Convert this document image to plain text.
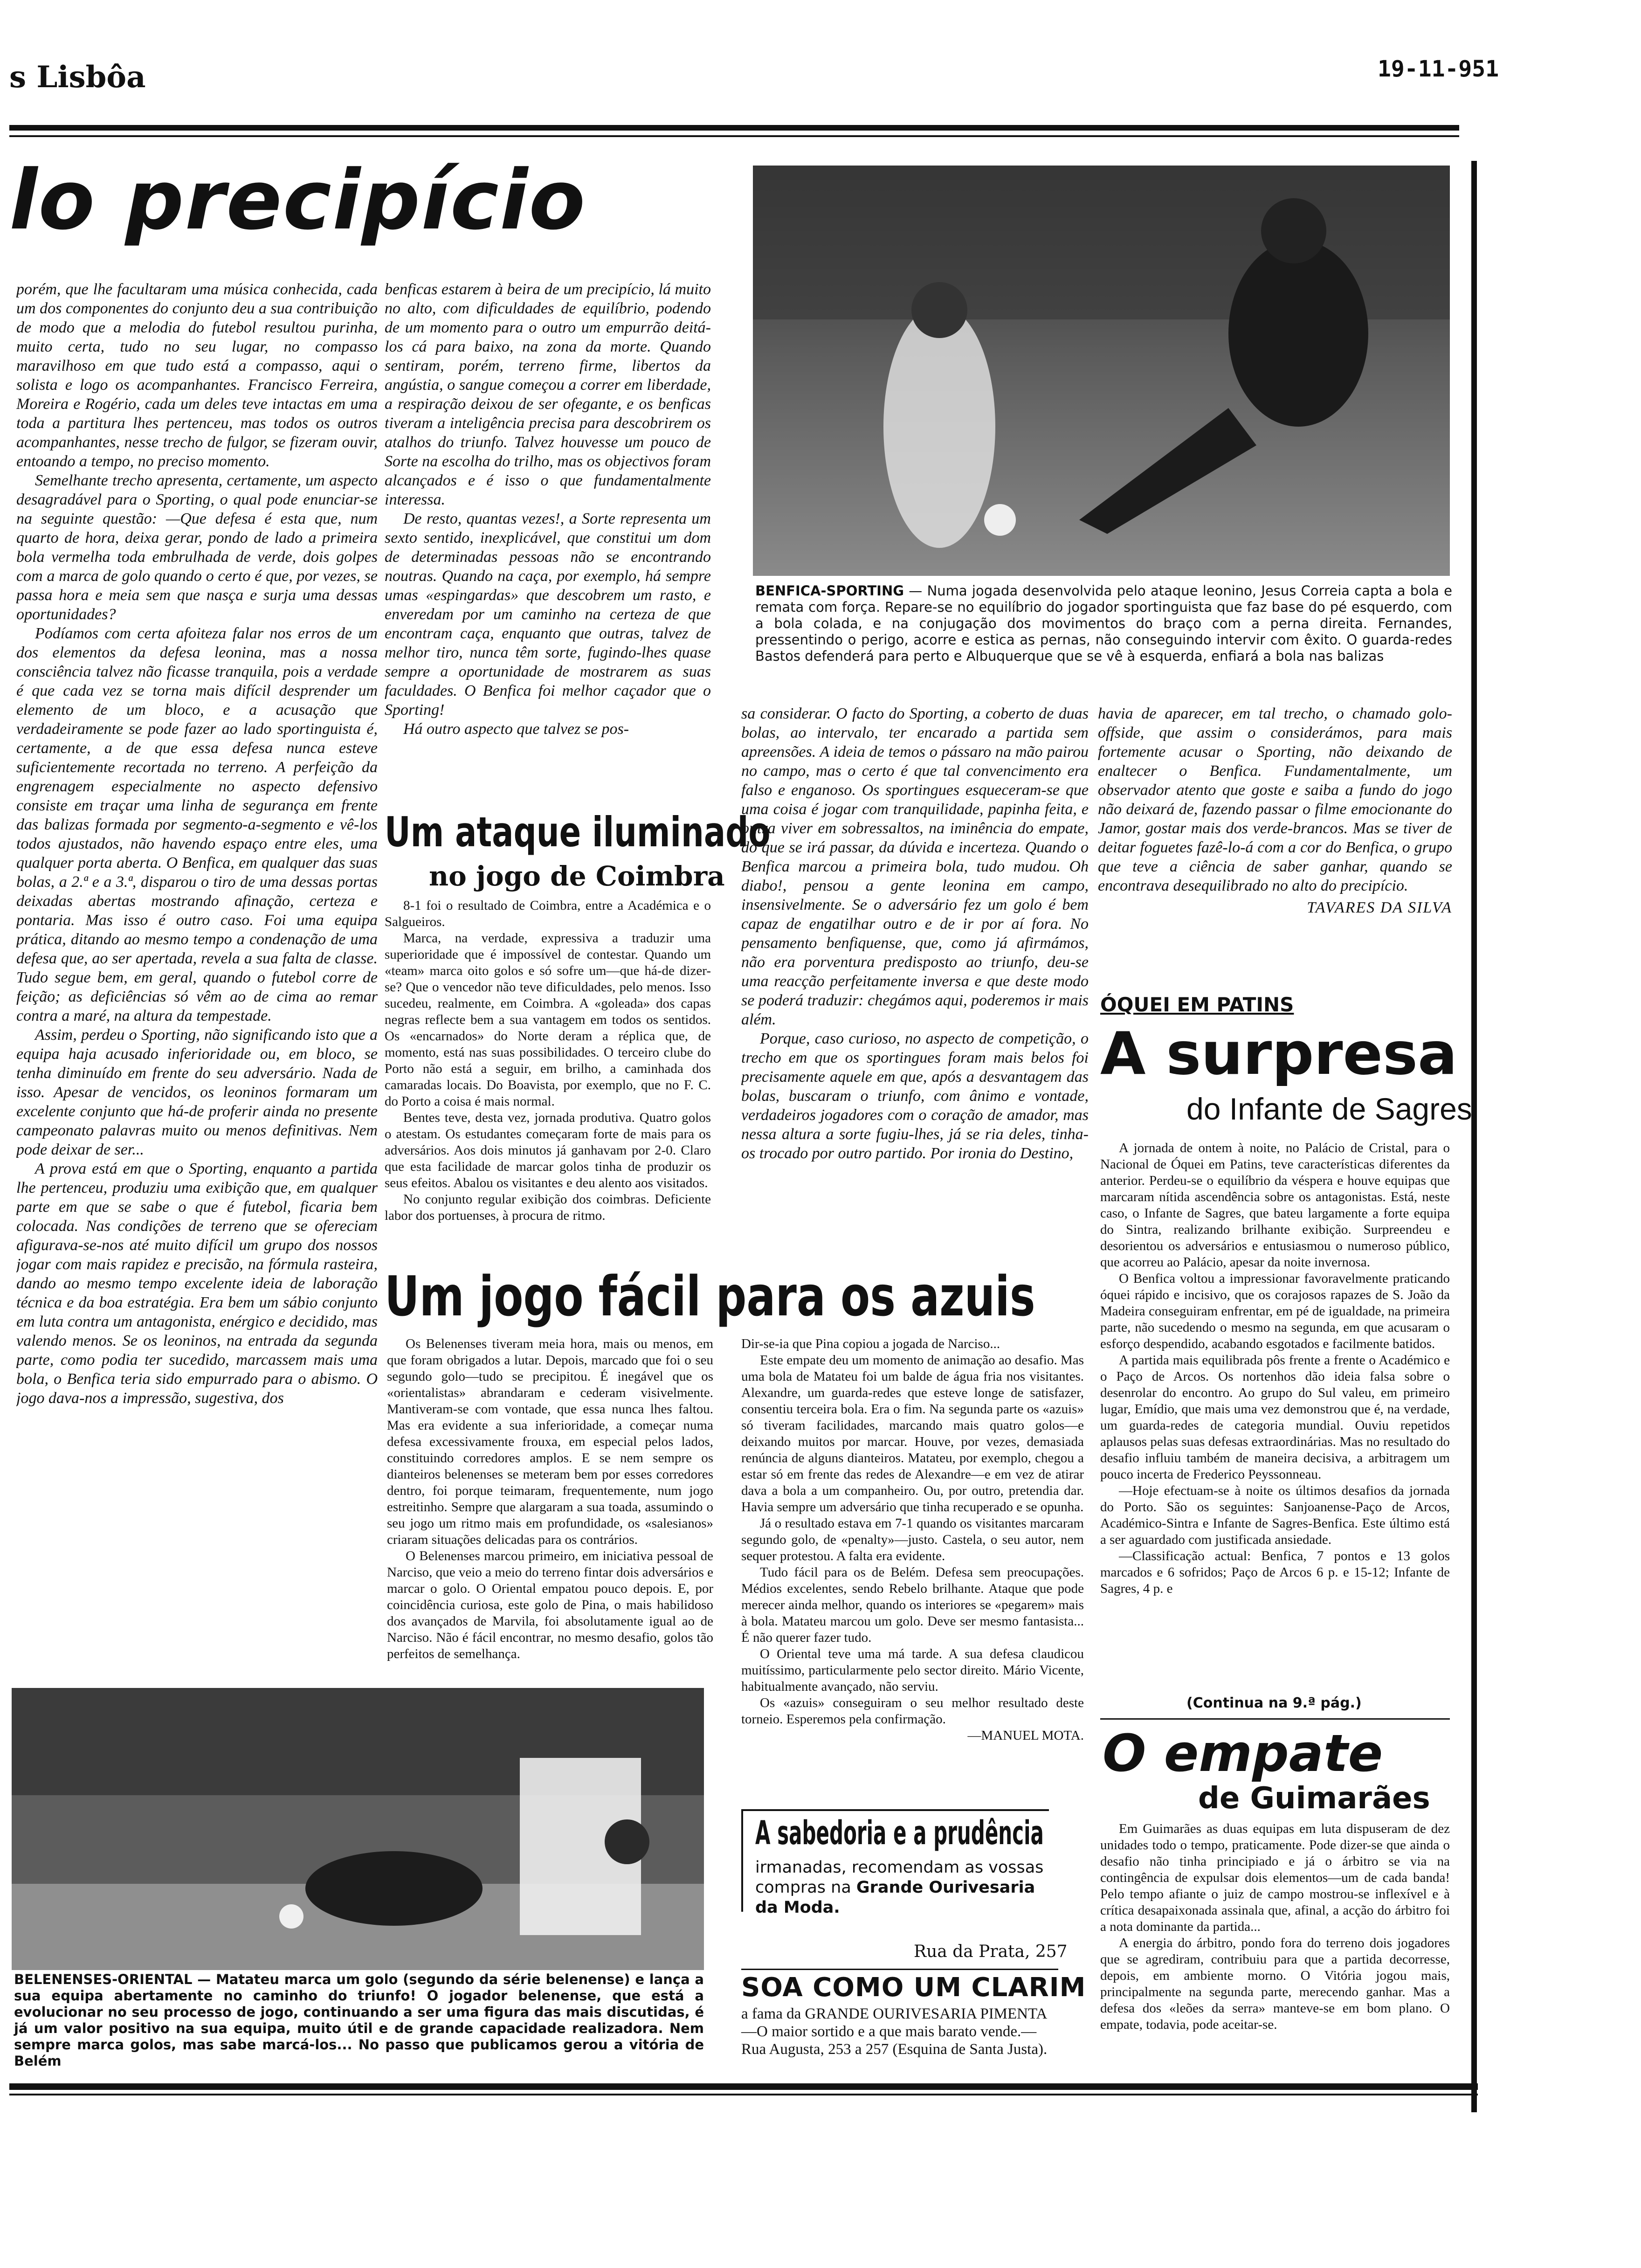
s Lisbôa	19-11-951
lo precipício

porém, que lhe facultaram uma música conhecida, cada um dos componentes do conjunto deu a sua contribuição de modo que a melodia do futebol resultou purinha, muito certa, tudo no seu lugar, no compasso maravilhoso em que tudo está a compasso, aqui o solista e logo os acompanhantes. Francisco Ferreira, Moreira e Rogério, cada um deles teve intactas em uma toda a partitura lhes pertenceu, mas todos os outros acompanhantes, nesse trecho de fulgor, se fizeram ouvir, entoando a tempo, no preciso momento.

Semelhante trecho apresenta, certamente, um aspecto desagradável para o Sporting, o qual pode enunciar-se na seguinte questão: —Que defesa é esta que, num quarto de hora, deixa gerar, pondo de lado a primeira bola vermelha toda embrulhada de verde, dois golpes com a marca de golo quando o certo é que, por vezes, se passa hora e meia sem que nasça e surja uma dessas oportunidades?

Podíamos com certa afoiteza falar nos erros de um dos elementos da defesa leonina, mas a nossa consciência talvez não ficasse tranquila, pois a verdade é que cada vez se torna mais difícil desprender um elemento de um bloco, e a acusação que verdadeiramente se pode fazer ao lado sportinguista é, certamente, a de que essa defesa nunca esteve suficientemente recortada no terreno. A perfeição da engrenagem especialmente no aspecto defensivo consiste em traçar uma linha de segurança em frente das balizas formada por segmento-a-segmento e vê-los todos ajustados, não havendo espaço entre eles, uma qualquer porta aberta. O Benfica, em qualquer das suas bolas, a 2.ª e a 3.ª, disparou o tiro de uma dessas portas deixadas abertas mostrando afinação, certeza e pontaria. Mas isso é outro caso. Foi uma equipa prática, ditando ao mesmo tempo a condenação de uma defesa que, ao ser apertada, revela a sua falta de classe. Tudo segue bem, em geral, quando o futebol corre de feição; as deficiências só vêm ao de cima ao remar contra a maré, na altura da tempestade.

Assim, perdeu o Sporting, não significando isto que a equipa haja acusado inferioridade ou, em bloco, se tenha diminuído em frente do seu adversário. Nada de isso. Apesar de vencidos, os leoninos formaram um excelente conjunto que há-de proferir ainda no presente campeonato palavras muito ou menos definitivas. Nem pode deixar de ser...

A prova está em que o Sporting, enquanto a partida lhe pertenceu, produziu uma exibição que, em qualquer parte em que se sabe o que é futebol, ficaria bem colocada. Nas condições de terreno que se ofereciam afigurava-se-nos até muito difícil um grupo dos nossos jogar com mais rapidez e precisão, na fórmula rasteira, dando ao mesmo tempo excelente ideia de laboração técnica e da boa estratégia. Era bem um sábio conjunto em luta contra um antagonista, enérgico e decidido, mas valendo menos. Se os leoninos, na entrada da segunda parte, como podia ter sucedido, marcassem mais uma bola, o Benfica teria sido empurrado para o abismo. O jogo dava-nos a impressão, sugestiva, dos

benficas estarem à beira de um precipício, lá muito no alto, com dificuldades de equilíbrio, podendo de um momento para o outro um empurrão deitá-los cá para baixo, na zona da morte. Quando sentiram, porém, terreno firme, libertos da angústia, o sangue começou a correr em liberdade, a respiração deixou de ser ofegante, e os benficas tiveram a inteligência precisa para descobrirem os atalhos do triunfo. Talvez houvesse um pouco de Sorte na escolha do trilho, mas os objectivos foram alcançados e é isso o que fundamentalmente interessa.

De resto, quantas vezes!, a Sorte representa um sexto sentido, inexplicável, que constitui um dom de determinadas pessoas não se encontrando noutras. Quando na caça, por exemplo, há sempre umas «espingardas» que descobrem um rasto, e enveredam por um caminho na certeza de que encontram caça, enquanto que outras, talvez de melhor tiro, nunca têm sorte, fugindo-lhes quase sempre a oportunidade de mostrarem as suas faculdades. O Benfica foi melhor caçador que o Sporting!

Há outro aspecto que talvez se pos-

BENFICA-SPORTING — Numa jogada desenvolvida pelo ataque leonino, Jesus Correia capta a bola e remata com força. Repare-se no equilíbrio do jogador sportinguista que faz base do pé esquerdo, com a bola colada, e na conjugação dos movimentos do braço com a perna direita. Fernandes, pressentindo o perigo, acorre e estica as pernas, não conseguindo intervir com êxito. O guarda-redes Bastos defenderá para perto e Albuquerque que se vê à esquerda, enfiará a bola nas balizas

sa considerar. O facto do Sporting, a coberto de duas bolas, ao intervalo, ter encarado a partida sem apreensões. A ideia de temos o pássaro na mão pairou no campo, mas o certo é que tal convencimento era falso e enganoso. Os sportingues esqueceram-se que uma coisa é jogar com tranquilidade, papinha feita, e outra viver em sobressaltos, na iminência do empate, do que se irá passar, da dúvida e incerteza. Quando o Benfica marcou a primeira bola, tudo mudou. Oh diabo!, pensou a gente leonina em campo, insensivelmente. Se o adversário fez um golo é bem capaz de engatilhar outro e de ir por aí fora. No pensamento benfiquense, que, como já afirmámos, não era porventura predisposto ao triunfo, deu-se uma reacção perfeitamente inversa e que deste modo se poderá traduzir: chegámos aqui, poderemos ir mais além.

Porque, caso curioso, no aspecto de competição, o trecho em que os sportingues foram mais belos foi precisamente aquele em que, após a desvantagem das bolas, buscaram o triunfo, com ânimo e vontade, verdadeiros jogadores com o coração de amador, mas nessa altura a sorte fugiu-lhes, já se ria deles, tinha-os trocado por outro partido. Por ironia do Destino,

havia de aparecer, em tal trecho, o chamado golo-offside, que assim o considerámos, para mais fortemente acusar o Sporting, não deixando de enaltecer o Benfica. Fundamentalmente, um observador atento que goste e saiba a fundo do jogo não deixará de, fazendo passar o filme emocionante do Jamor, gostar mais dos verde-brancos. Mas se tiver de deitar foguetes fazê-lo-á com a cor do Benfica, o grupo que teve a ciência de saber ganhar, quando se encontrava desequilibrado no alto do precipício.

TAVARES DA SILVA
Um ataque iluminado
no jogo de Coimbra

8-1 foi o resultado de Coimbra, entre a Académica e o Salgueiros.

Marca, na verdade, expressiva a traduzir uma superioridade que é impossível de contestar. Quando um «team» marca oito golos e só sofre um—que há-de dizer-se? Que o vencedor não teve dificuldades, pelo menos. Isso sucedeu, realmente, em Coimbra. A «goleada» dos capas negras reflecte bem a sua vantagem em todos os sentidos. Os «encarnados» do Norte deram a réplica que, de momento, está nas suas possibilidades. O terceiro clube do Porto não está a seguir, em brilho, a caminhada dos camaradas locais. Do Boavista, por exemplo, que no F. C. do Porto a coisa é mais normal.

Bentes teve, desta vez, jornada produtiva. Quatro golos o atestam. Os estudantes começaram forte de mais para os adversários. Aos dois minutos já ganhavam por 2-0. Claro que esta facilidade de marcar golos tinha de produzir os seus efeitos. Abalou os visitantes e deu alento aos visitados.

No conjunto regular exibição dos coimbras. Deficiente labor dos portuenses, à procura de ritmo.

Um jogo fácil para os azuis

Os Belenenses tiveram meia hora, mais ou menos, em que foram obrigados a lutar. Depois, marcado que foi o seu segundo golo—tudo se precipitou. É inegável que os «orientalistas» abrandaram e cederam visivelmente. Mantiveram-se com vontade, que essa nunca lhes faltou. Mas era evidente a sua inferioridade, a começar numa defesa excessivamente frouxa, em especial pelos lados, constituindo corredores amplos. E se nem sempre os dianteiros belenenses se meteram bem por esses corredores dentro, foi porque teimaram, frequentemente, num jogo estreitinho. Sempre que alargaram a sua toada, assumindo o seu jogo um ritmo mais em profundidade, os «salesianos» criaram situações delicadas para os contrários.

O Belenenses marcou primeiro, em iniciativa pessoal de Narciso, que veio a meio do terreno fintar dois adversários e marcar o golo. O Oriental empatou pouco depois. E, por coincidência curiosa, este golo de Pina, o mais habilidoso dos avançados de Marvila, foi absolutamente igual ao de Narciso. Não é fácil encontrar, no mesmo desafio, golos tão perfeitos de semelhança.

Dir-se-ia que Pina copiou a jogada de Narciso...

Este empate deu um momento de animação ao desafio. Mas uma bola de Matateu foi um balde de água fria nos visitantes. Alexandre, um guarda-redes que esteve longe de satisfazer, consentiu terceira bola. Era o fim. Na segunda parte os «azuis» só tiveram facilidades, marcando mais quatro golos—e deixando muitos por marcar. Houve, por vezes, demasiada renúncia de alguns dianteiros. Matateu, por exemplo, chegou a estar só em frente das redes de Alexandre—e em vez de atirar dava a bola a um companheiro. Ou, por outro, pretendia dar. Havia sempre um adversário que tinha recuperado e se opunha.

Já o resultado estava em 7-1 quando os visitantes marcaram segundo golo, de «penalty»—justo. Castela, o seu autor, nem sequer protestou. A falta era evidente.

Tudo fácil para os de Belém. Defesa sem preocupações. Médios excelentes, sendo Rebelo brilhante. Ataque que pode merecer ainda melhor, quando os interiores se «pegarem» mais à bola. Matateu marcou um golo. Deve ser mesmo fantasista... É não querer fazer tudo.

O Oriental teve uma má tarde. A sua defesa claudicou muitíssimo, particularmente pelo sector direito. Mário Vicente, habitualmente avançado, não serviu.

Os «azuis» conseguiram o seu melhor resultado deste torneio. Esperemos pela confirmação.

—MANUEL MOTA.
A sabedoria e a prudência
irmanadas, recomendam as vossas compras na Grande Ourivesaria da Moda.
Rua da Prata, 257
SOA COMO UM CLARIM
a fama da GRANDE OURIVESARIA PIMENTA—O maior sortido e a que mais barato vende.— Rua Augusta, 253 a 257 (Esquina de Santa Justa).
BELENENSES-ORIENTAL — Matateu marca um golo (segundo da série belenense) e lança a sua equipa abertamente no caminho do triunfo! O jogador belenense, que está a evolucionar no seu processo de jogo, continuando a ser uma figura das mais discutidas, é já um valor positivo na sua equipa, muito útil e de grande capacidade realizadora. Nem sempre marca golos, mas sabe marcá-los... No passo que publicamos gerou a vitória de Belém
ÓQUEI EM PATINS
A surpresa
do Infante de Sagres

A jornada de ontem à noite, no Palácio de Cristal, para o Nacional de Óquei em Patins, teve características diferentes da anterior. Perdeu-se o equilíbrio da véspera e houve equipas que marcaram nítida ascendência sobre os antagonistas. Está, neste caso, o Infante de Sagres, que bateu largamente a forte equipa do Sintra, realizando brilhante exibição. Surpreendeu e desorientou os adversários e entusiasmou o numeroso público, que acorreu ao Palácio, apesar da noite invernosa.

O Benfica voltou a impressionar favoravelmente praticando óquei rápido e incisivo, que os corajosos rapazes de S. João da Madeira conseguiram enfrentar, em pé de igualdade, na primeira parte, não sucedendo o mesmo na segunda, em que acusaram o esforço despendido, acabando esgotados e facilmente batidos.

A partida mais equilibrada pôs frente a frente o Académico e o Paço de Arcos. Os nortenhos dão ideia falsa sobre o desenrolar do encontro. Ao grupo do Sul valeu, em primeiro lugar, Emídio, que mais uma vez demonstrou que é, na verdade, um guarda-redes de categoria mundial. Ouviu repetidos aplausos pelas suas defesas extraordinárias. Mas no resultado do desafio influiu também de maneira decisiva, a arbitragem um pouco incerta de Frederico Peyssonneau.

—Hoje efectuam-se à noite os últimos desafios da jornada do Porto. São os seguintes: Sanjoanense-Paço de Arcos, Académico-Sintra e Infante de Sagres-Benfica. Este último está a ser aguardado com justificada ansiedade.

—Classificação actual: Benfica, 7 pontos e 13 golos marcados e 6 sofridos; Paço de Arcos 6 p. e 15-12; Infante de Sagres, 4 p. e

(Continua na 9.ª pág.)
O empate
de Guimarães

Em Guimarães as duas equipas em luta dispuseram de dez unidades todo o tempo, praticamente. Pode dizer-se que ainda o desafio não tinha principiado e já o árbitro se via na contingência de expulsar dois elementos—um de cada banda! Pelo tempo afiante o juiz de campo mostrou-se inflexível e à crítica desapaixonada assinala que, afinal, a acção do árbitro foi a nota dominante da partida...

A energia do árbitro, pondo fora do terreno dois jogadores que se agrediram, contribuiu para que a partida decorresse, depois, em ambiente morno. O Vitória jogou mais, principalmente na segunda parte, merecendo ganhar. Mas a defesa dos «leões da serra» manteve-se em bom plano. O empate, todavia, pode aceitar-se.
